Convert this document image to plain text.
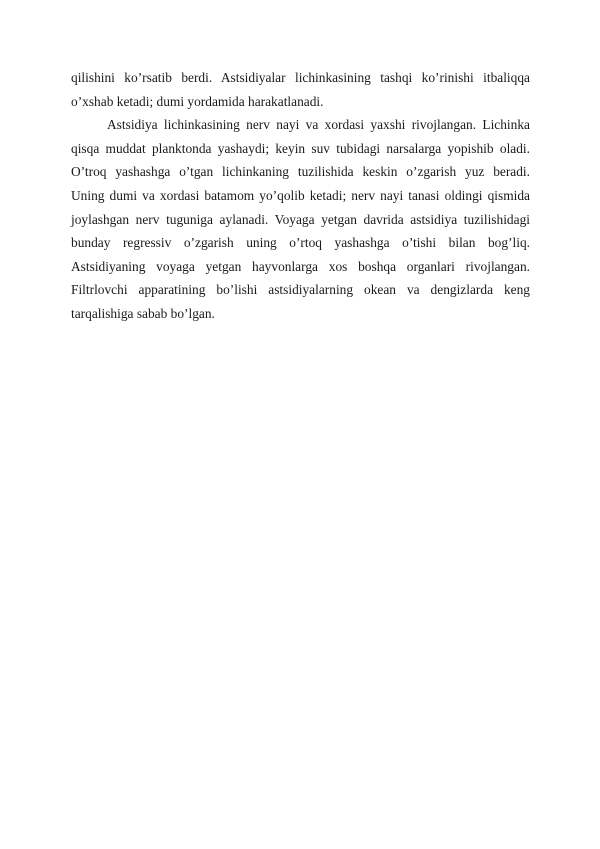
qilishini ko’rsatib berdi. Astsidiyalar lichinkasining tashqi ko’rinishi itbaliqqa
o’xshab ketadi; dumi yordamida harakatlanadi.
Astsidiya lichinkasining nerv nayi va xordasi yaxshi rivojlangan. Lichinka
qisqa muddat planktonda yashaydi; keyin suv tubidagi narsalarga yopishib oladi.
O’troq yashashga o’tgan lichinkaning tuzilishida keskin o’zgarish yuz beradi.
Uning dumi va xordasi batamom yo’qolib ketadi; nerv nayi tanasi oldingi qismida
joylashgan nerv tuguniga aylanadi. Voyaga yetgan davrida astsidiya tuzilishidagi
bunday regressiv o’zgarish uning o’rtoq yashashga o’tishi bilan bog’liq.
Astsidiyaning voyaga yetgan hayvonlarga xos boshqa organlari rivojlangan.
Filtrlovchi apparatining bo’lishi astsidiyalarning okean va dengizlarda keng
tarqalishiga sabab bo’lgan.
